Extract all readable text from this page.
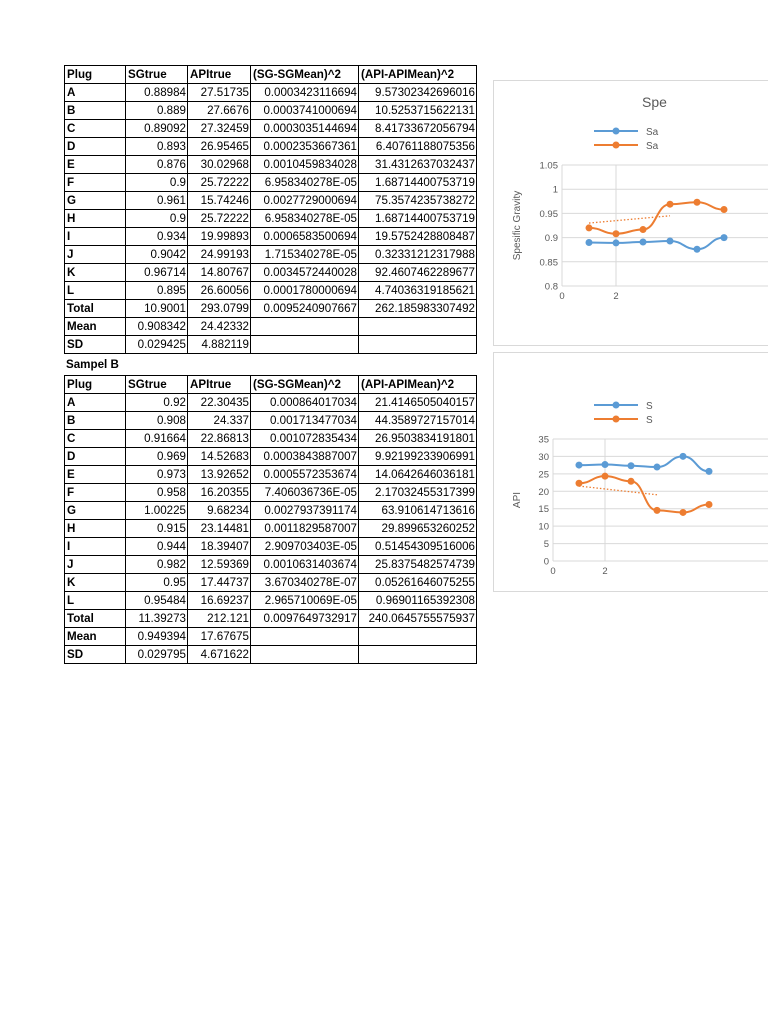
Plug	SGtrue	APItrue	(SG-SGMean)^2	(API-APIMean)^2
A	0.88984	27.51735	0.0003423116694	9.5730234269601​6
B	0.889	27.6676	0.0003741000694	10.5253715622131
C	0.89092	27.32459	0.0003035144694	8.41733672056794
D	0.893	26.95465	0.0002353667361	6.40761188075356
E	0.876	30.02968	0.0010459834028	31.4312637032437
F	0.9	25.72222	6.95834027​8E-05	1.68714400753719
G	0.961	15.74246	0.0027729000694	75.3574235738272
H	0.9	25.72222	6.958340278E-05	1.68714400753719
I	0.934	19.99893	0.0006583500694	19.5752428808487
J	0.9042	24.99193	1.715340278E-05	0.32331212317988
K	0.96714	14.80767	0.0034572440028	92.4607462289677
L	0.895	26.60056	0.0001780000694	4.74036319185621
Total	10.9001	293.0799	0.0095240907667	262.185983307492
Mean	0.908342	24.42332		
SD	0.029425	4.882119		
Sampel B
Plug	SGtrue	APItrue	(SG-SGMean)^2	(API-APIMean)^2
A	0.92	22.30435	0.000864017034	21.4146505040157
B	0.908	24.337	0.001713477034	44.3589727157014
C	0.91664	22.86813	0.001072835434	26.9503834191801
D	0.969	14.52683	0.0003843887007	9.92199233906991
E	0.973	13.92652	0.0005572353674	14.0642646036181
F	0.958	16.20355	7.406036736E-05	2.17032455317399
G	1.00225	9.68234	0.0027937391174	63.910614713616
H	0.915	23.14481	0.0011829587007	29.899653260252
I	0.944	18.39407	2.909703403E-05	0.51454309516006
J	0.982	12.59369	0.0010631403674	25.8375482574739
K	0.95	17.44737	3.670340278E-07	0.05261646075255
L	0.95484	16.69237	2.965710069E-05	0.96901165392308
Total	11.39273	212.121	0.0097649732917	240.0645755575937
Mean	0.949394	17.67675		
SD	0.029795	4.671622		
Spe
Sa
Sa
0.8
0.85
0.9
0.95
1
1.05
0	2
Spesific Gravity
S
S
0
5
10
15
20
25
30
35
0	2
API
